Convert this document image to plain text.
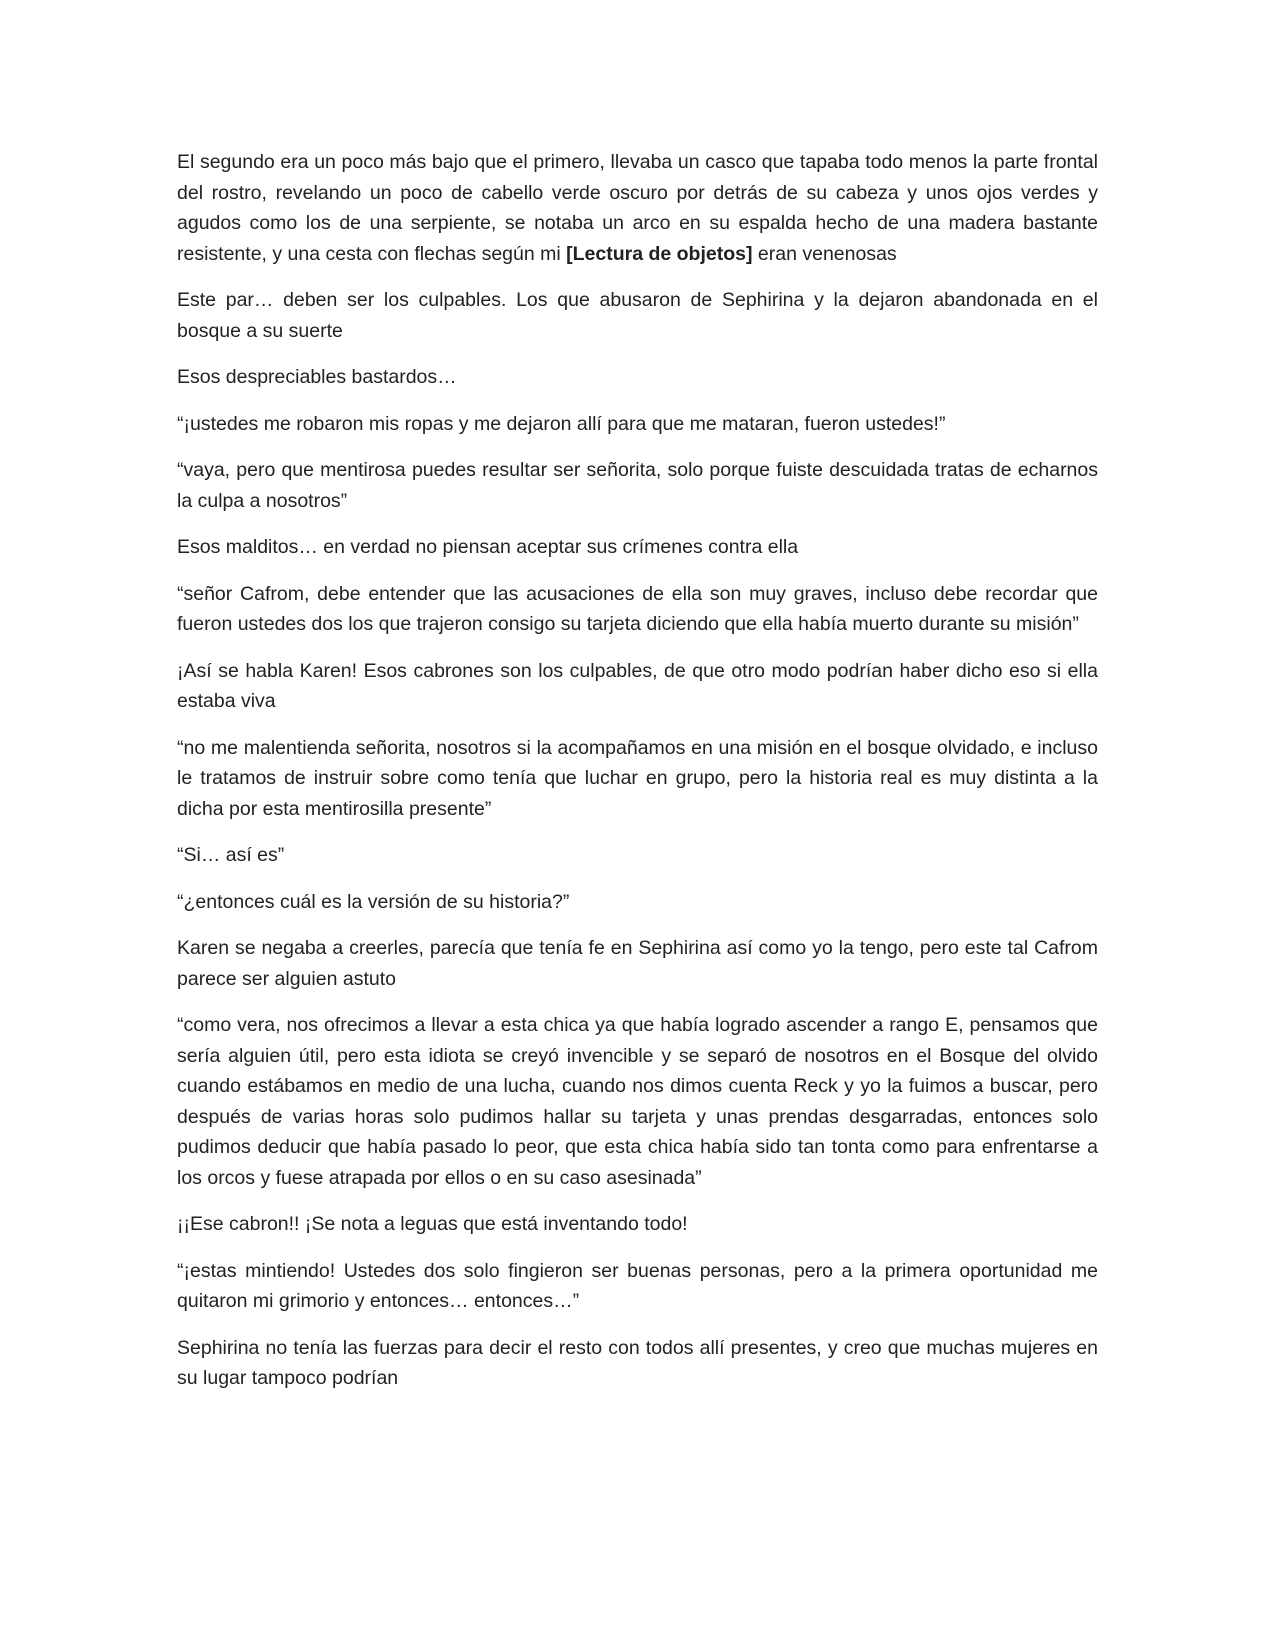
El segundo era un poco más bajo que el primero, llevaba un casco que tapaba todo menos la parte frontal del rostro, revelando un poco de cabello verde oscuro por detrás de su cabeza y unos ojos verdes y agudos como los de una serpiente, se notaba un arco en su espalda hecho de una madera bastante resistente, y una cesta con flechas según mi [Lectura de objetos] eran venenosas

Este par… deben ser los culpables. Los que abusaron de Sephirina y la dejaron abandonada en el bosque a su suerte

Esos despreciables bastardos…

“¡ustedes me robaron mis ropas y me dejaron allí para que me mataran, fueron ustedes!”

“vaya, pero que mentirosa puedes resultar ser señorita, solo porque fuiste descuidada tratas de echarnos la culpa a nosotros”

Esos malditos… en verdad no piensan aceptar sus crímenes contra ella

“señor Cafrom, debe entender que las acusaciones de ella son muy graves, incluso debe recordar que fueron ustedes dos los que trajeron consigo su tarjeta diciendo que ella había muerto durante su misión”

¡Así se habla Karen! Esos cabrones son los culpables, de que otro modo podrían haber dicho eso si ella estaba viva

“no me malentienda señorita, nosotros si la acompañamos en una misión en el bosque olvidado, e incluso le tratamos de instruir sobre como tenía que luchar en grupo, pero la historia real es muy distinta a la dicha por esta mentirosilla presente”

“Si… así es”

“¿entonces cuál es la versión de su historia?”

Karen se negaba a creerles, parecía que tenía fe en Sephirina así como yo la tengo, pero este tal Cafrom parece ser alguien astuto

“como vera, nos ofrecimos a llevar a esta chica ya que había logrado ascender a rango E, pensamos que sería alguien útil, pero esta idiota se creyó invencible y se separó de nosotros en el Bosque del olvido cuando estábamos en medio de una lucha, cuando nos dimos cuenta Reck y yo la fuimos a buscar, pero después de varias horas solo pudimos hallar su tarjeta y unas prendas desgarradas, entonces solo pudimos deducir que había pasado lo peor, que esta chica había sido tan tonta como para enfrentarse a los orcos y fuese atrapada por ellos o en su caso asesinada”

¡¡Ese cabron!! ¡Se nota a leguas que está inventando todo!

“¡estas mintiendo! Ustedes dos solo fingieron ser buenas personas, pero a la primera oportunidad me quitaron mi grimorio y entonces… entonces…”

Sephirina no tenía las fuerzas para decir el resto con todos allí presentes, y creo que muchas mujeres en su lugar tampoco podrían
